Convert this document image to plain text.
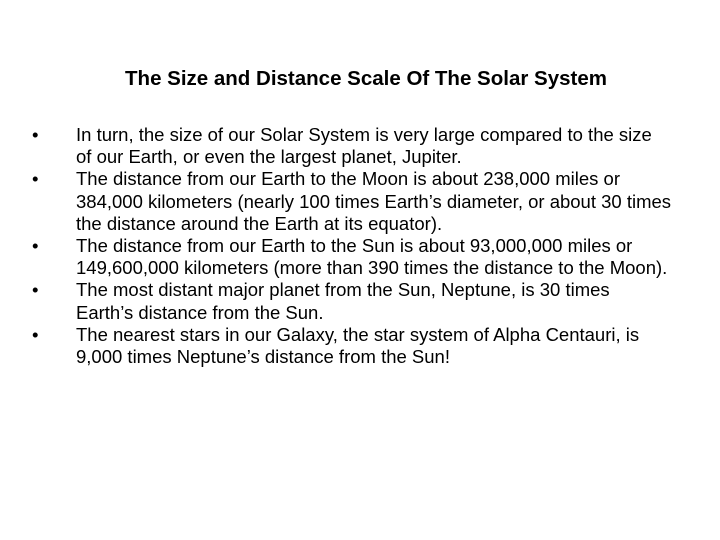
The Size and Distance Scale Of The Solar System
•	In turn, the size of our Solar System is very large compared to the size of our Earth, or even the largest planet, Jupiter.
•	The distance from our Earth to the Moon is about 238,000 miles or 384,000 kilometers (nearly 100 times Earth’s diameter, or about 30 times the distance around the Earth at its equator).
•	The distance from our Earth to the Sun is about 93,000,000 miles or 149,600,000 kilometers (more than 390 times the distance to the Moon).
•	The most distant major planet from the Sun, Neptune, is 30 times Earth’s distance from the Sun.
•	The nearest stars in our Galaxy, the star system of Alpha Centauri, is 9,000 times Neptune’s distance from the Sun!
